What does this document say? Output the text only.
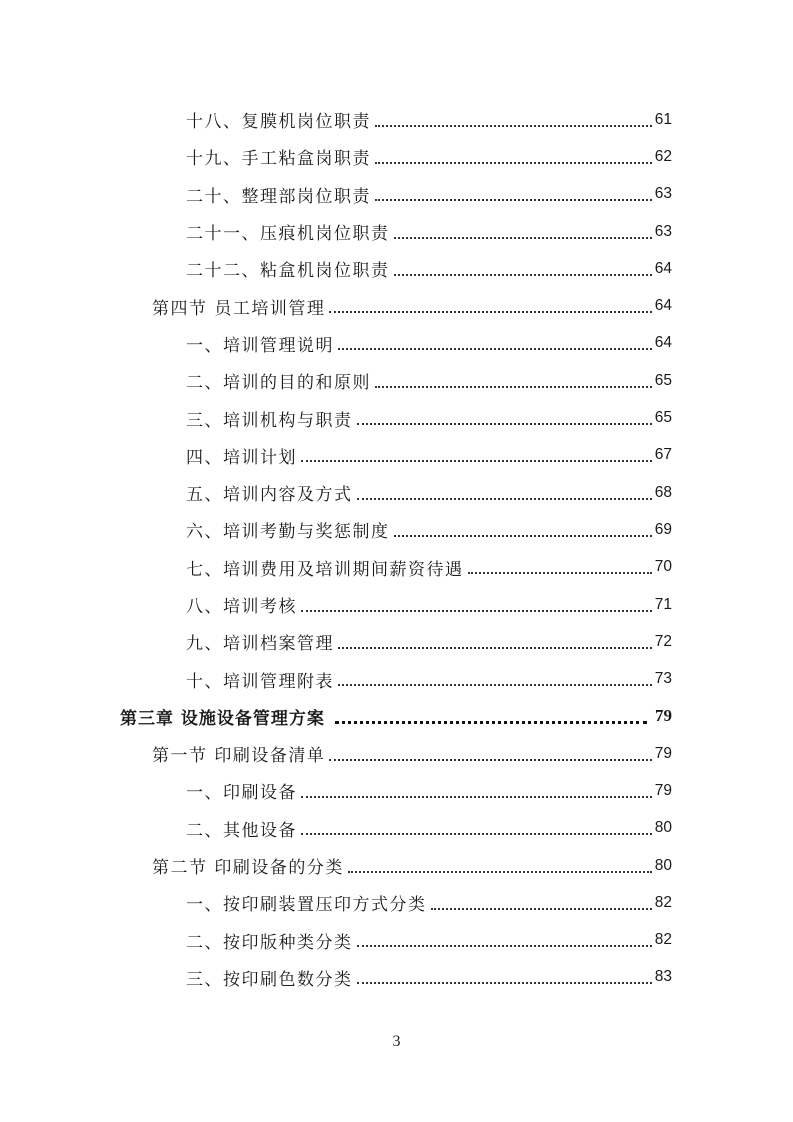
十八、复膜机岗位职责	61
十九、手工粘盒岗职责	62
二十、整理部岗位职责	63
二十一、压痕机岗位职责	63
二十二、粘盒机岗位职责	64
第四节 员工培训管理	64
一、培训管理说明	64
二、培训的目的和原则	65
三、培训机构与职责	65
四、培训计划	67
五、培训内容及方式	68
六、培训考勤与奖惩制度	69
七、培训费用及培训期间薪资待遇	70
八、培训考核	71
九、培训档案管理	72
十、培训管理附表	73
第三章 设施设备管理方案	79
第一节 印刷设备清单	79
一、印刷设备	79
二、其他设备	80
第二节 印刷设备的分类	80
一、按印刷装置压印方式分类	82
二、按印版种类分类	82
三、按印刷色数分类	83
3
